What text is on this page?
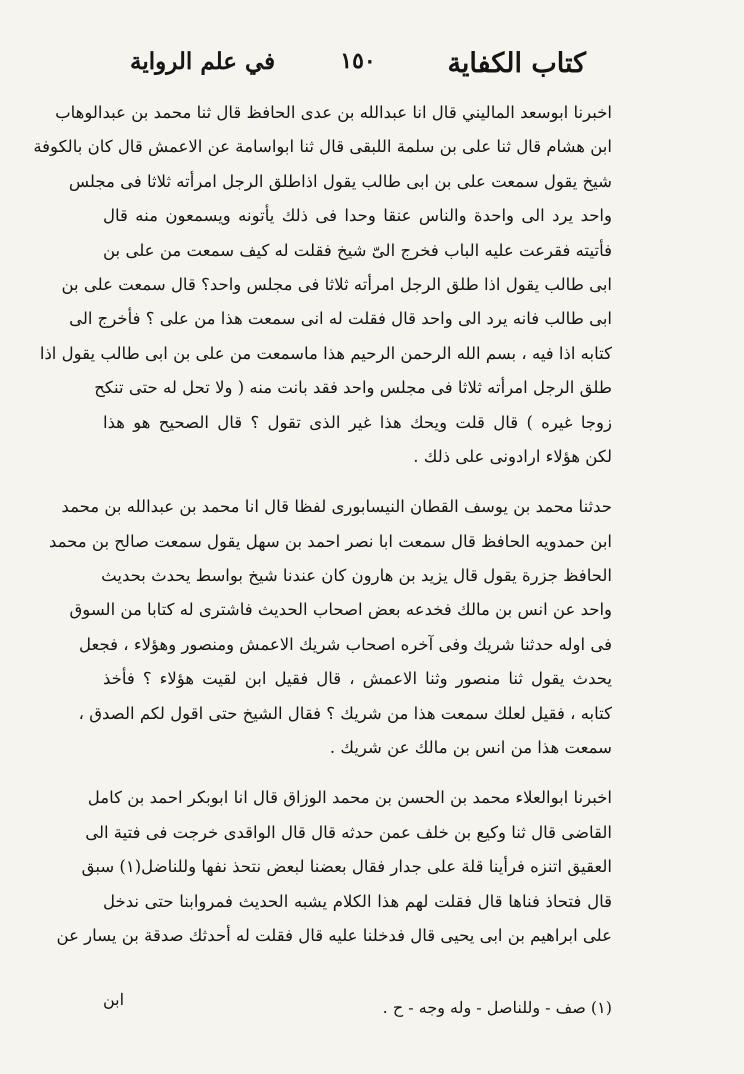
كتاب الكفاية
١٥٠
في علم الرواية
اخبرنا ابوسعد الماليني قال انا عبدالله بن عدى الحافظ قال ثنا محمد بن عبدالوهاب
ابن هشام قال ثنا على بن سلمة اللبقى قال ثنا ابواسامة عن الاعمش قال كان بالكوفة
شيخ يقول سمعت على بن ابى طالب يقول اذاطلق الرجل امرأته ثلاثا فى مجلس
واحد يرد الى واحدة والناس عنقا وحدا فى ذلك يأتونه ويسمعون منه قال
فأتيته فقرعت عليه الباب فخرج الىّ شيخ فقلت له كيف سمعت من على بن
ابى طالب يقول اذا طلق الرجل امرأته ثلاثا فى مجلس واحد؟ قال سمعت على بن
ابى طالب فانه يرد الى واحد قال فقلت له انى سمعت هذا من على ؟ فأخرج الى
كتابه اذا فيه ، بسم الله الرحمن الرحيم هذا ماسمعت من على بن ابى طالب يقول اذا
طلق الرجل امرأته ثلاثا فى مجلس واحد فقد بانت منه ( ولا تحل له حتى تنكح
زوجا غيره ) قال قلت ويحك هذا غير الذى تقول ؟ قال الصحيح هو هذا
لكن هؤلاء ارادونى على ذلك .
حدثنا محمد بن يوسف القطان النيسابورى لفظا قال انا محمد بن عبدالله بن محمد
ابن حمدويه الحافظ قال سمعت ابا نصر احمد بن سهل يقول سمعت صالح بن محمد
الحافظ جزرة يقول قال يزيد بن هارون كان عندنا شيخ بواسط يحدث بحديث
واحد عن انس بن مالك فخدعه بعض اصحاب الحديث فاشترى له كتابا من السوق
فى اوله حدثنا شريك وفى آخره اصحاب شريك الاعمش ومنصور وهؤلاء ، فجعل
يحدث يقول ثنا منصور وثنا الاعمش ، قال فقيل ابن لقيت هؤلاء ؟ فأخذ
كتابه ، فقيل لعلك سمعت هذا من شريك ؟ فقال الشيخ حتى اقول لكم الصدق ،
سمعت هذا من انس بن مالك عن شريك .
اخبرنا ابوالعلاء محمد بن الحسن بن محمد الوزاق قال انا ابوبكر احمد بن كامل
القاضى قال ثنا وكيع بن خلف عمن حدثه قال قال الواقدى خرجت فى فتية الى
العقيق اتنزه فرأينا قلة على جدار فقال بعضنا لبعض نتحذ نفها وللناضل(١) سبق
قال فتحاذ فناها قال فقلت لهم هذا الكلام يشبه الحديث فمروابنا حتى ندخل
على ابراهيم بن ابى يحيى قال فدخلنا عليه قال فقلت له أحدثك صدقة بن يسار عن
(١) صف - وللناصل - وله وجه - ح .
ابن
